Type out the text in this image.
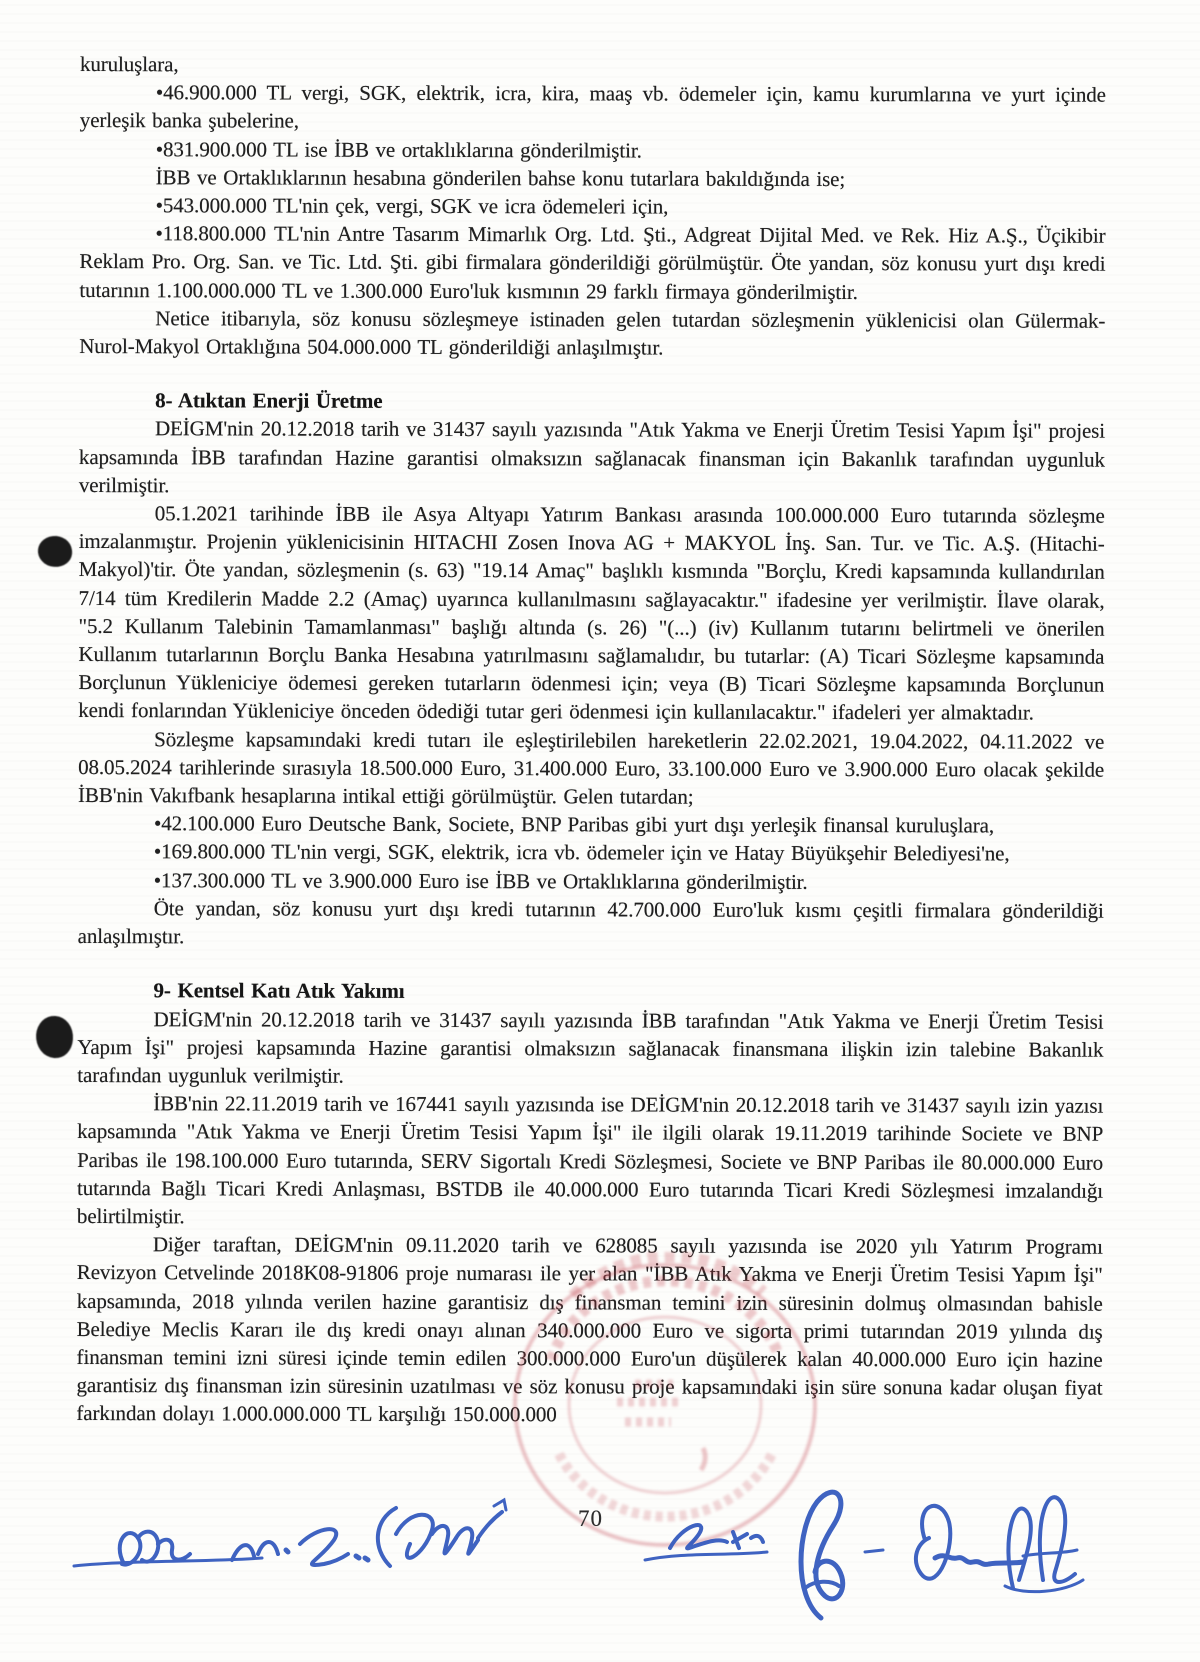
kuruluşlara,

•46.900.000 TL vergi, SGK, elektrik, icra, kira, maaş vb. ödemeler için, kamu kurumlarına ve yurt içinde yerleşik banka şubelerine,

•831.900.000 TL ise İBB ve ortaklıklarına gönderilmiştir.

İBB ve Ortaklıklarının hesabına gönderilen bahse konu tutarlara bakıldığında ise;

•543.000.000 TL'nin çek, vergi, SGK ve icra ödemeleri için,

•118.800.000 TL'nin Antre Tasarım Mimarlık Org. Ltd. Şti., Adgreat Dijital Med. ve Rek. Hiz A.Ş., Üçikibir Reklam Pro. Org. San. ve Tic. Ltd. Şti. gibi firmalara gönderildiği görülmüştür. Öte yandan, söz konusu yurt dışı kredi tutarının 1.100.000.000 TL ve 1.300.000 Euro'luk kısmının 29 farklı firmaya gönderilmiştir.

Netice itibarıyla, söz konusu sözleşmeye istinaden gelen tutardan sözleşmenin yüklenicisi olan Gülermak-Nurol-Makyol Ortaklığına 504.000.000 TL gönderildiği anlaşılmıştır.

8- Atıktan Enerji Üretme

DEİGM'nin 20.12.2018 tarih ve 31437 sayılı yazısında "Atık Yakma ve Enerji Üretim Tesisi Yapım İşi" projesi kapsamında İBB tarafından Hazine garantisi olmaksızın sağlanacak finansman için Bakanlık tarafından uygunluk verilmiştir.

05.1.2021 tarihinde İBB ile Asya Altyapı Yatırım Bankası arasında 100.000.000 Euro tutarında sözleşme imzalanmıştır. Projenin yüklenicisinin HITACHI Zosen Inova AG + MAKYOL İnş. San. Tur. ve Tic. A.Ş. (Hitachi-Makyol)'tir. Öte yandan, sözleşmenin (s. 63) "19.14 Amaç" başlıklı kısmında "Borçlu, Kredi kapsamında kullandırılan 7/14 tüm Kredilerin Madde 2.2 (Amaç) uyarınca kullanılmasını sağlayacaktır." ifadesine yer verilmiştir. İlave olarak, "5.2 Kullanım Talebinin Tamamlanması" başlığı altında (s. 26) "(...) (iv) Kullanım tutarını belirtmeli ve önerilen Kullanım tutarlarının Borçlu Banka Hesabına yatırılmasını sağlamalıdır, bu tutarlar: (A) Ticari Sözleşme kapsamında Borçlunun Yükleniciye ödemesi gereken tutarların ödenmesi için; veya (B) Ticari Sözleşme kapsamında Borçlunun kendi fonlarından Yükleniciye önceden ödediği tutar geri ödenmesi için kullanılacaktır." ifadeleri yer almaktadır.

Sözleşme kapsamındaki kredi tutarı ile eşleştirilebilen hareketlerin 22.02.2021, 19.04.2022, 04.11.2022 ve 08.05.2024 tarihlerinde sırasıyla 18.500.000 Euro, 31.400.000 Euro, 33.100.000 Euro ve 3.900.000 Euro olacak şekilde İBB'nin Vakıfbank hesaplarına intikal ettiği görülmüştür. Gelen tutardan;

•42.100.000 Euro Deutsche Bank, Societe, BNP Paribas gibi yurt dışı yerleşik finansal kuruluşlara,

•169.800.000 TL'nin vergi, SGK, elektrik, icra vb. ödemeler için ve Hatay Büyükşehir Belediyesi'ne,

•137.300.000 TL ve 3.900.000 Euro ise İBB ve Ortaklıklarına gönderilmiştir.

Öte yandan, söz konusu yurt dışı kredi tutarının 42.700.000 Euro'luk kısmı çeşitli firmalara gönderildiği anlaşılmıştır.

9- Kentsel Katı Atık Yakımı

DEİGM'nin 20.12.2018 tarih ve 31437 sayılı yazısında İBB tarafından "Atık Yakma ve Enerji Üretim Tesisi Yapım İşi" projesi kapsamında Hazine garantisi olmaksızın sağlanacak finansmana ilişkin izin talebine Bakanlık tarafından uygunluk verilmiştir.

İBB'nin 22.11.2019 tarih ve 167441 sayılı yazısında ise DEİGM'nin 20.12.2018 tarih ve 31437 sayılı izin yazısı kapsamında "Atık Yakma ve Enerji Üretim Tesisi Yapım İşi" ile ilgili olarak 19.11.2019 tarihinde Societe ve BNP Paribas ile 198.100.000 Euro tutarında, SERV Sigortalı Kredi Sözleşmesi, Societe ve BNP Paribas ile 80.000.000 Euro tutarında Bağlı Ticari Kredi Anlaşması, BSTDB ile 40.000.000 Euro tutarında Ticari Kredi Sözleşmesi imzalandığı belirtilmiştir.

Diğer taraftan, DEİGM'nin 09.11.2020 tarih ve 628085 sayılı yazısında ise 2020 yılı Yatırım Programı Revizyon Cetvelinde 2018K08-91806 proje numarası ile yer alan "İBB Atık Yakma ve Enerji Üretim Tesisi Yapım İşi" kapsamında, 2018 yılında verilen hazine garantisiz dış finansman temini izin süresinin dolmuş olmasından bahisle Belediye Meclis Kararı ile dış kredi onayı alınan 340.000.000 Euro ve sigorta primi tutarından 2019 yılında dış finansman temini izni süresi içinde temin edilen 300.000.000 Euro'un düşülerek kalan 40.000.000 Euro için hazine garantisiz dış finansman izin süresinin uzatılması ve söz konusu proje kapsamındaki işin süre sonuna kadar oluşan fiyat farkından dolayı 1.000.000.000 TL karşılığı 150.000.000

70
